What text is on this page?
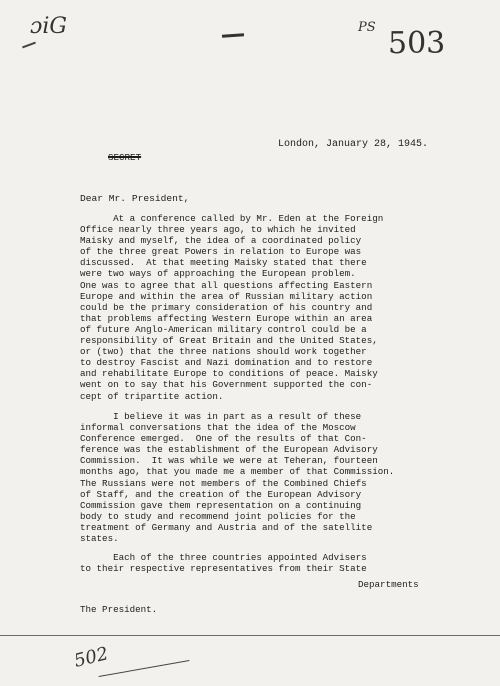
ɔiG	PS 503
London, January 28, 1945.
SECRET
Dear Mr. President,
At a conference called by Mr. Eden at the Foreign
Office nearly three years ago, to which he invited
Maisky and myself, the idea of a coordinated policy
of the three great Powers in relation to Europe was
discussed.  At that meeting Maisky stated that there
were two ways of approaching the European problem.
One was to agree that all questions affecting Eastern
Europe and within the area of Russian military action
could be the primary consideration of his country and
that problems affecting Western Europe within an area
of future Anglo-American military control could be a
responsibility of Great Britain and the United States,
or (two) that the three nations should work together
to destroy Fascist and Nazi domination and to restore
and rehabilitate Europe to conditions of peace. Maisky
went on to say that his Government supported the con-
cept of tripartite action.
I believe it was in part as a result of these
informal conversations that the idea of the Moscow
Conference emerged.  One of the results of that Con-
ference was the establishment of the European Advisory
Commission.  It was while we were at Teheran, fourteen
months ago, that you made me a member of that Commission.
The Russians were not members of the Combined Chiefs
of Staff, and the creation of the European Advisory
Commission gave them representation on a continuing
body to study and recommend joint policies for the
treatment of Germany and Austria and of the satellite
states.
Each of the three countries appointed Advisers
to their respective representatives from their State
Departments
The President.
502
